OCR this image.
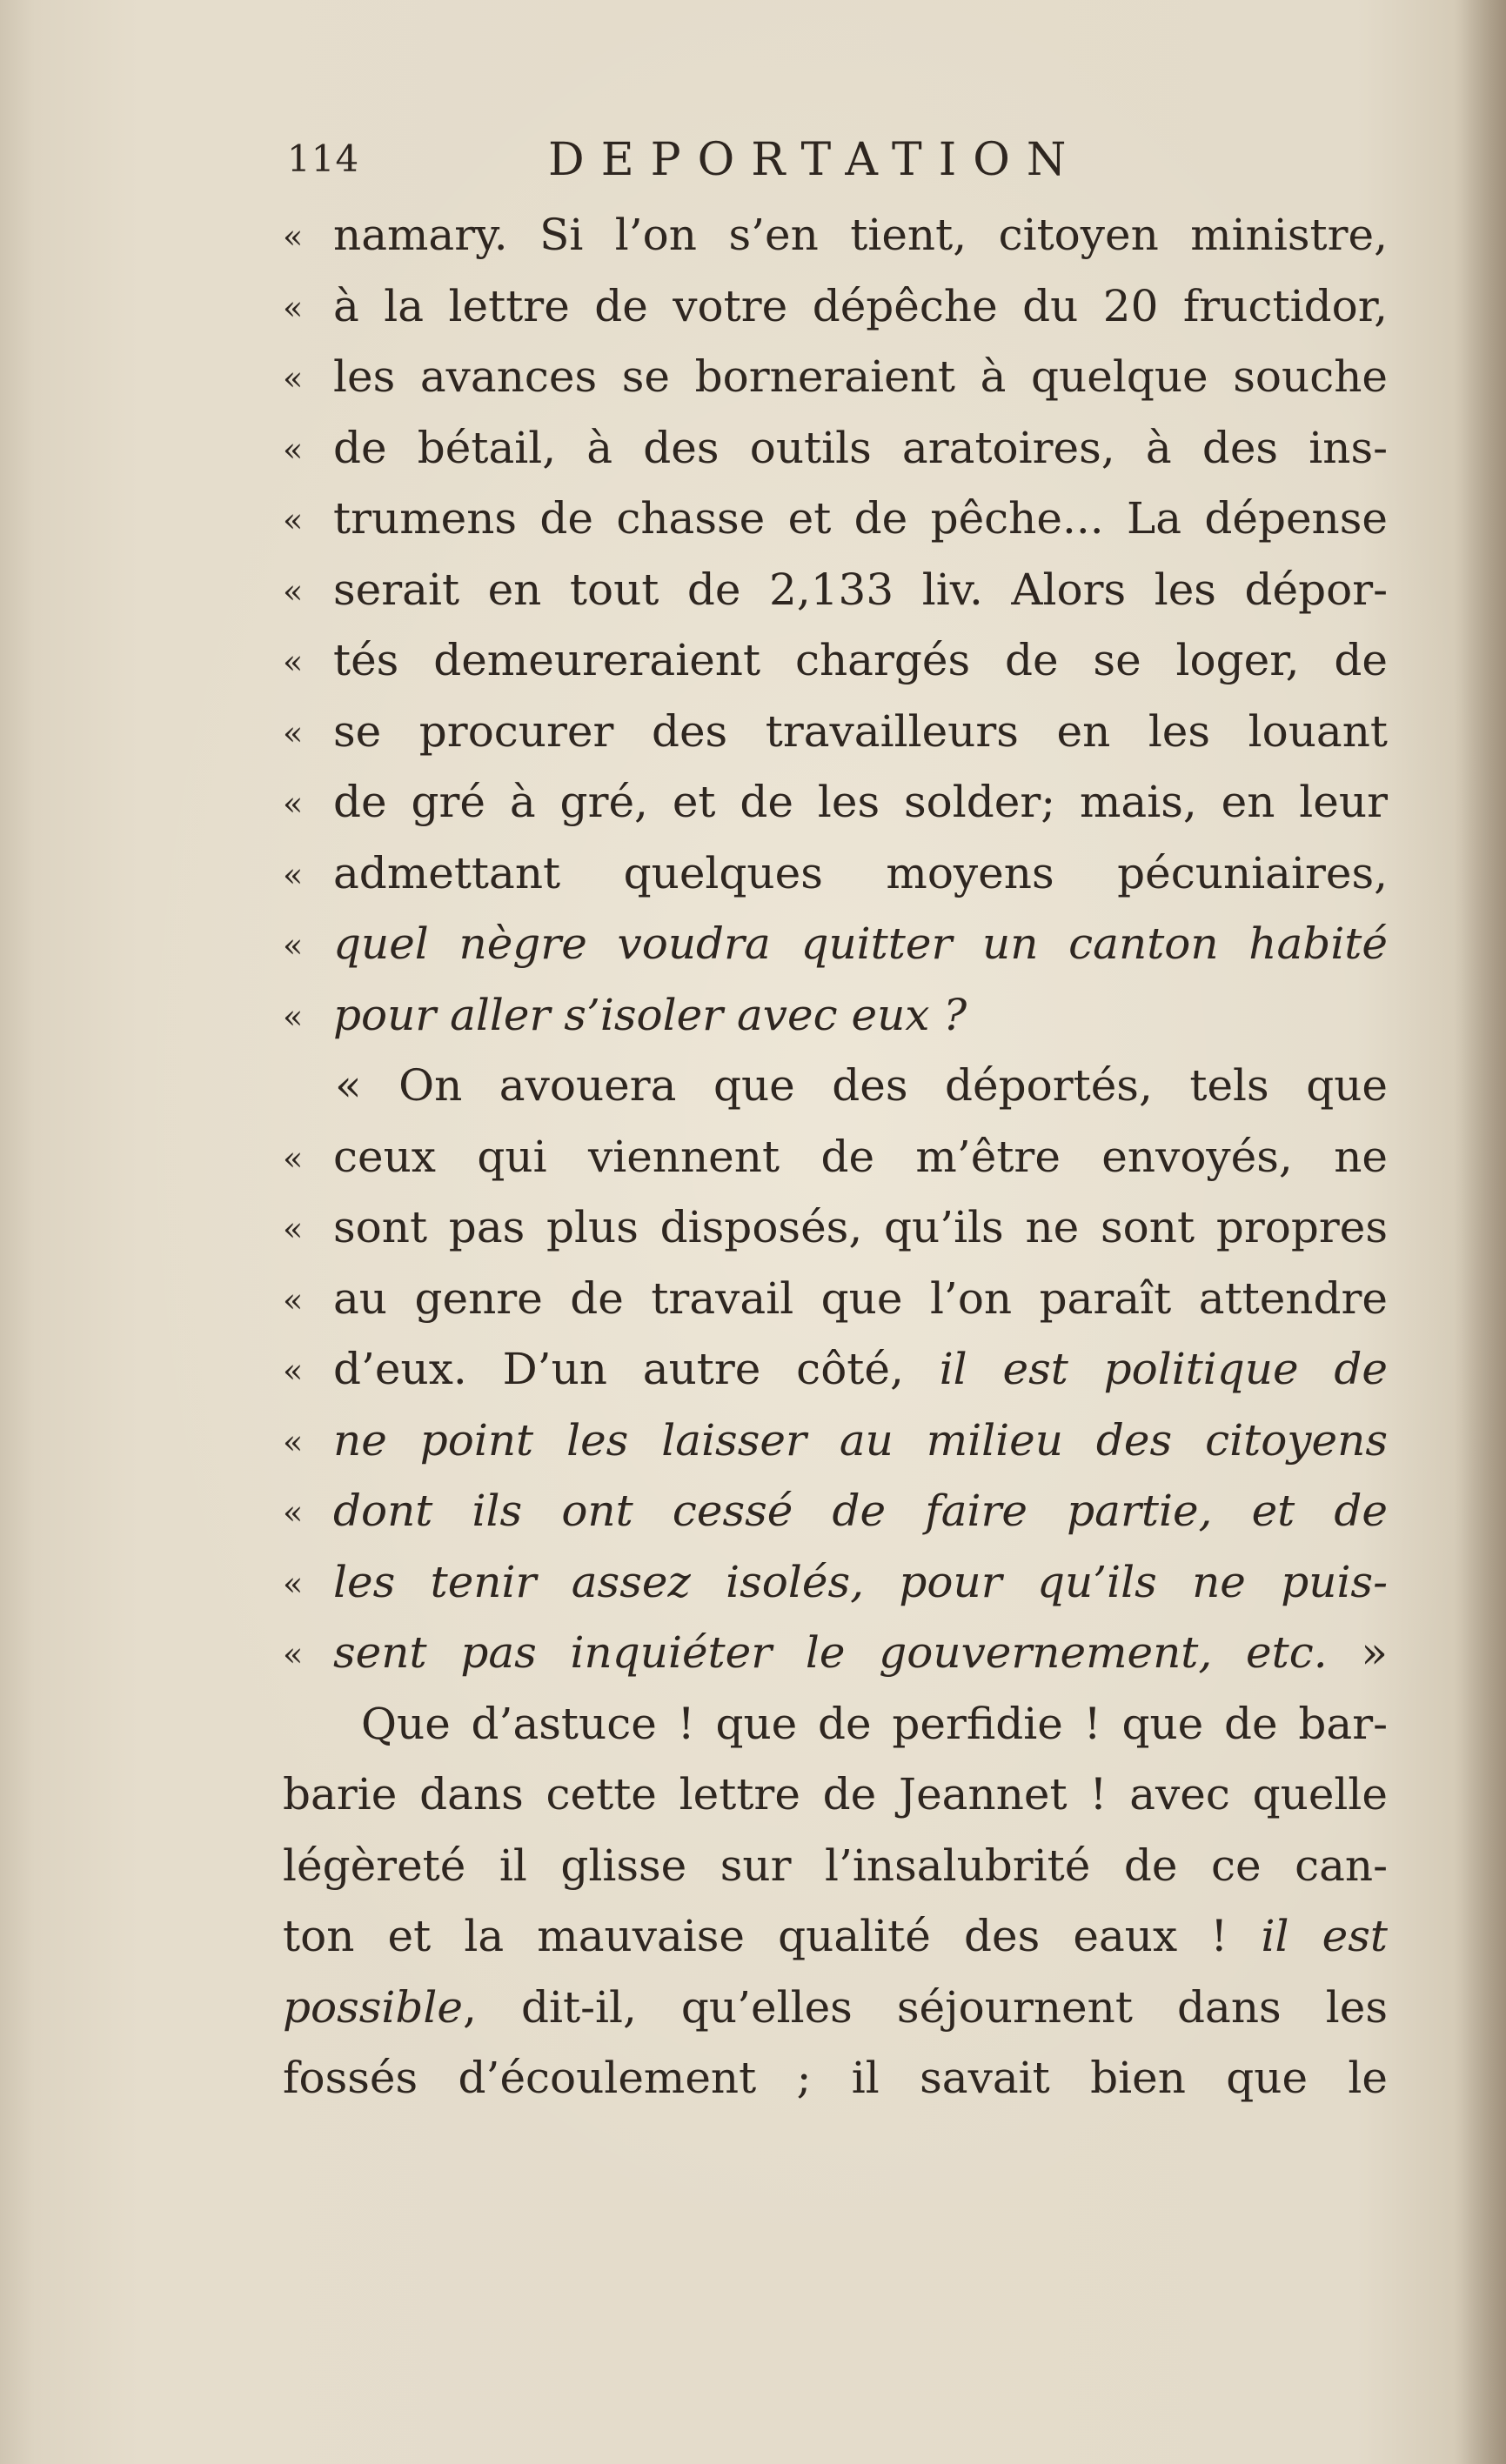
114	DEPORTATION
« namary. Si l’on s’en tient, citoyen ministre,
« à la lettre de votre dépêche du 20 fructidor,
« les avances se borneraient à quelque souche
« de bétail, à des outils aratoires, à des ins-
« trumens de chasse et de pêche... La dépense
« serait en tout de 2,133 liv. Alors les dépor-
« tés demeureraient chargés de se loger, de
« se procurer des travailleurs en les louant
« de gré à gré, et de les solder; mais, en leur
« admettant quelques moyens pécuniaires,
« quel nègre voudra quitter un canton habité
« pour aller s’isoler avec eux ?
« On avouera que des déportés, tels que
« ceux qui viennent de m’être envoyés, ne
« sont pas plus disposés, qu’ils ne sont propres
« au genre de travail que l’on paraît attendre
« d’eux. D’un autre côté, il est politique de
« ne point les laisser au milieu des citoyens
« dont ils ont cessé de faire partie, et de
« les tenir assez isolés, pour qu’ils ne puis-
« sent pas inquiéter le gouvernement, etc. »
Que d’astuce ! que de perfidie ! que de bar-
barie dans cette lettre de Jeannet ! avec quelle
légèreté il glisse sur l’insalubrité de ce can-
ton et la mauvaise qualité des eaux ! il est
possible, dit-il, qu’elles séjournent dans les
fossés d’écoulement ; il savait bien que le
